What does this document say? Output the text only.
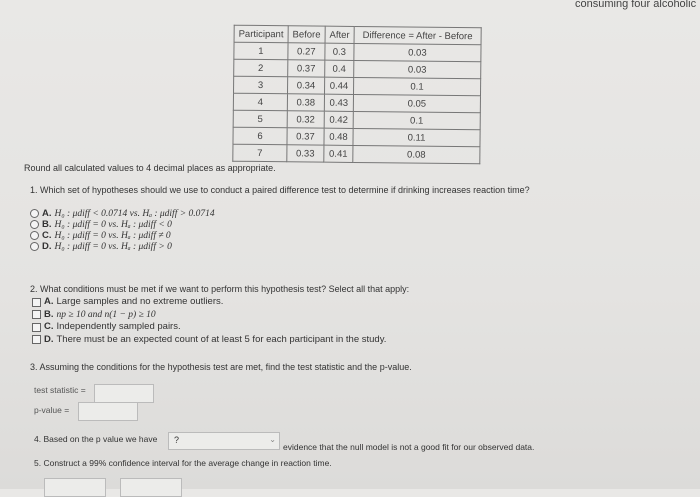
consuming four alcoholic
Participant	Before	After	Difference = After - Before
1	0.27	0.3	0.03
2	0.37	0.4	0.03
3	0.34	0.44	0.1
4	0.38	0.43	0.05
5	0.32	0.42	0.1
6	0.37	0.48	0.11
7	0.33	0.41	0.08
Round all calculated values to 4 decimal places as appropriate.
1. Which set of hypotheses should we use to conduct a paired difference test to determine if drinking increases reaction time?
A. H₀ : μdiff < 0.0714 vs. Hₐ : μdiff > 0.0714
B. H₀ : μdiff = 0 vs. Hₐ : μdiff < 0
C. H₀ : μdiff = 0 vs. Hₐ : μdiff ≠ 0
D. H₀ : μdiff = 0 vs. Hₐ : μdiff > 0
2. What conditions must be met if we want to perform this hypothesis test? Select all that apply:
A. Large samples and no extreme outliers.
B. np ≥ 10 and n(1 − p) ≥ 10
C. Independently sampled pairs.
D. There must be an expected count of at least 5 for each participant in the study.
3. Assuming the conditions for the hypothesis test are met, find the test statistic and the p-value.
test statistic =
p-value =
4. Based on the p value we have	?	⌄
evidence that the null model is not a good fit for our observed data.
5. Construct a 99% confidence interval for the average change in reaction time.
